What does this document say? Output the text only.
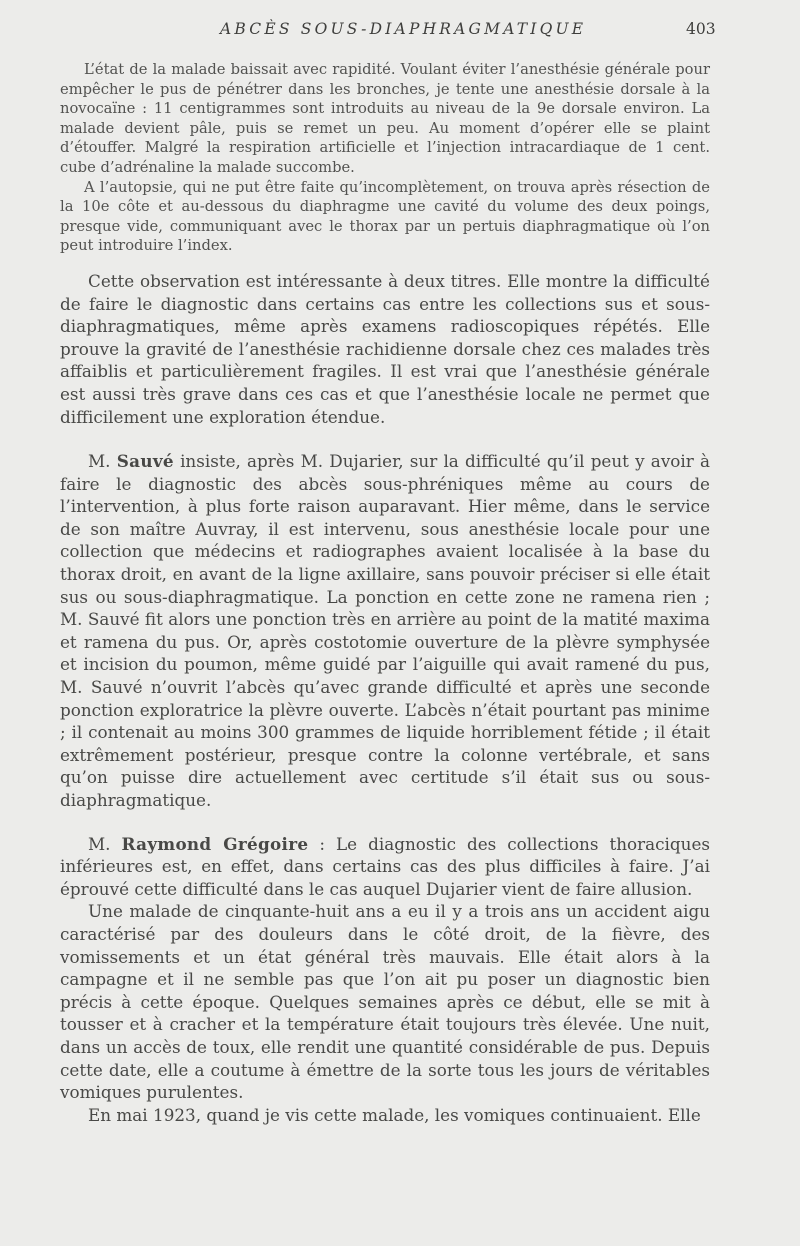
ABCÈS SOUS-DIAPHRAGMATIQUE	403

L’état de la malade baissait avec rapidité. Voulant éviter l’anesthésie générale pour empêcher le pus de pénétrer dans les bronches, je tente une anesthésie dorsale à la novocaïne : 11 centigrammes sont introduits au niveau de la 9e dorsale environ. La malade devient pâle, puis se remet un peu. Au moment d’opérer elle se plaint d’étouffer. Malgré la respiration artificielle et l’injection intracardiaque de 1 cent. cube d’adrénaline la malade succombe.

A l’autopsie, qui ne put être faite qu’incomplètement, on trouva après résection de la 10e côte et au-dessous du diaphragme une cavité du volume des deux poings, presque vide, communiquant avec le thorax par un pertuis diaphragmatique où l’on peut introduire l’index.

Cette observation est intéressante à deux titres. Elle montre la difficulté de faire le diagnostic dans certains cas entre les collections sus et sous-diaphragmatiques, même après examens radioscopiques répétés. Elle prouve la gravité de l’anesthésie rachidienne dorsale chez ces malades très affaiblis et particulièrement fragiles. Il est vrai que l’anesthésie générale est aussi très grave dans ces cas et que l’anesthésie locale ne permet que difficilement une exploration étendue.

M. Sauvé insiste, après M. Dujarier, sur la difficulté qu’il peut y avoir à faire le diagnostic des abcès sous-phréniques même au cours de l’intervention, à plus forte raison auparavant. Hier même, dans le service de son maître Auvray, il est intervenu, sous anesthésie locale pour une collection que médecins et radiographes avaient localisée à la base du thorax droit, en avant de la ligne axillaire, sans pouvoir préciser si elle était sus ou sous-diaphragmatique. La ponction en cette zone ne ramena rien ; M. Sauvé fit alors une ponction très en arrière au point de la matité maxima et ramena du pus. Or, après costotomie ouverture de la plèvre symphysée et incision du poumon, même guidé par l’aiguille qui avait ramené du pus, M. Sauvé n’ouvrit l’abcès qu’avec grande difficulté et après une seconde ponction exploratrice la plèvre ouverte. L’abcès n’était pourtant pas minime ; il contenait au moins 300 grammes de liquide horriblement fétide ; il était extrêmement postérieur, presque contre la colonne vertébrale, et sans qu’on puisse dire actuellement avec certitude s’il était sus ou sous-diaphragmatique.

M. Raymond Grégoire : Le diagnostic des collections thoraciques inférieures est, en effet, dans certains cas des plus difficiles à faire. J’ai éprouvé cette difficulté dans le cas auquel Dujarier vient de faire allusion.

Une malade de cinquante-huit ans a eu il y a trois ans un accident aigu caractérisé par des douleurs dans le côté droit, de la fièvre, des vomissements et un état général très mauvais. Elle était alors à la campagne et il ne semble pas que l’on ait pu poser un diagnostic bien précis à cette époque. Quelques semaines après ce début, elle se mit à tousser et à cracher et la température était toujours très élevée. Une nuit, dans un accès de toux, elle rendit une quantité considérable de pus. Depuis cette date, elle a coutume à émettre de la sorte tous les jours de véritables vomiques purulentes.

En mai 1923, quand je vis cette malade, les vomiques continuaient. Elle
